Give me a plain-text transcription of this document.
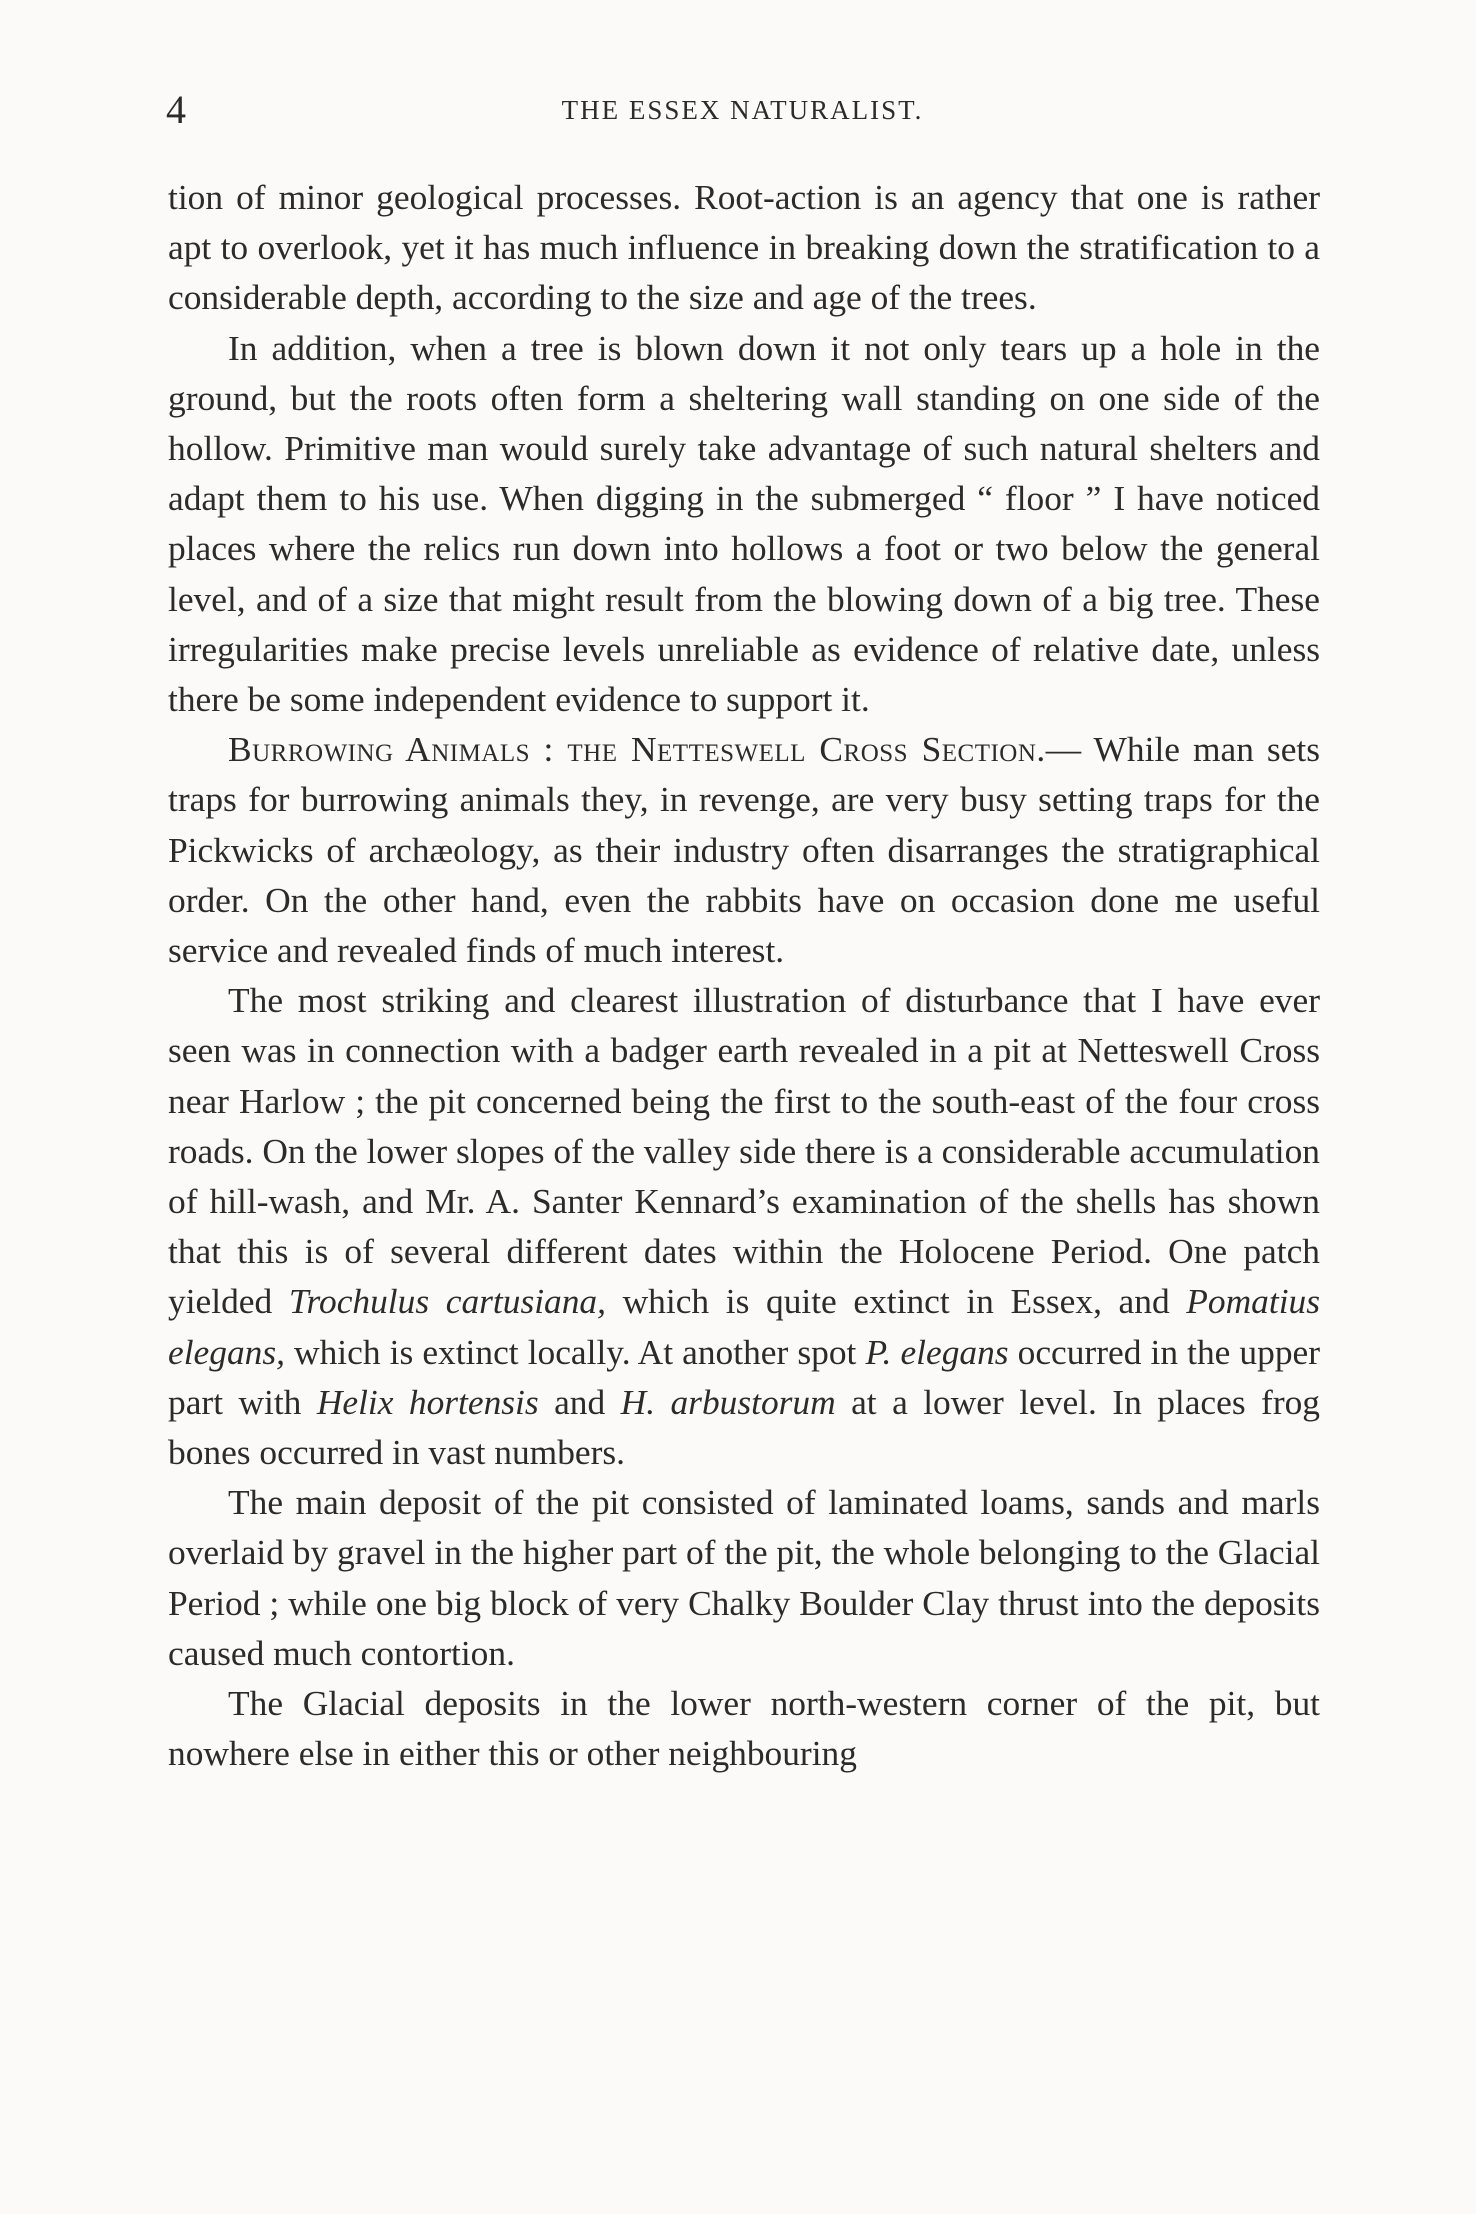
4	THE ESSEX NATURALIST.

tion of minor geological processes. Root-action is an agency that one is rather apt to overlook, yet it has much influence in breaking down the stratification to a considerable depth, according to the size and age of the trees.

In addition, when a tree is blown down it not only tears up a hole in the ground, but the roots often form a sheltering wall standing on one side of the hollow. Primitive man would surely take advantage of such natural shelters and adapt them to his use. When digging in the submerged “ floor ” I have noticed places where the relics run down into hollows a foot or two below the general level, and of a size that might result from the blowing down of a big tree. These irregularities make precise levels unreliable as evidence of relative date, unless there be some independent evidence to support it.

Burrowing Animals : the Netteswell Cross Section.— While man sets traps for burrowing animals they, in revenge, are very busy setting traps for the Pickwicks of archæology, as their industry often disarranges the stratigraphical order. On the other hand, even the rabbits have on occasion done me useful service and revealed finds of much interest.

The most striking and clearest illustration of disturbance that I have ever seen was in connection with a badger earth revealed in a pit at Netteswell Cross near Harlow ; the pit concerned being the first to the south-east of the four cross roads. On the lower slopes of the valley side there is a considerable accumulation of hill-wash, and Mr. A. Santer Kennard’s examination of the shells has shown that this is of several different dates within the Holocene Period. One patch yielded Trochulus cartusiana, which is quite extinct in Essex, and Pomatius elegans, which is extinct locally. At another spot P. elegans occurred in the upper part with Helix hortensis and H. arbustorum at a lower level. In places frog bones occurred in vast numbers.

The main deposit of the pit consisted of laminated loams, sands and marls overlaid by gravel in the higher part of the pit, the whole belonging to the Glacial Period ; while one big block of very Chalky Boulder Clay thrust into the deposits caused much contortion.

The Glacial deposits in the lower north-western corner of the pit, but nowhere else in either this or other neighbouring
